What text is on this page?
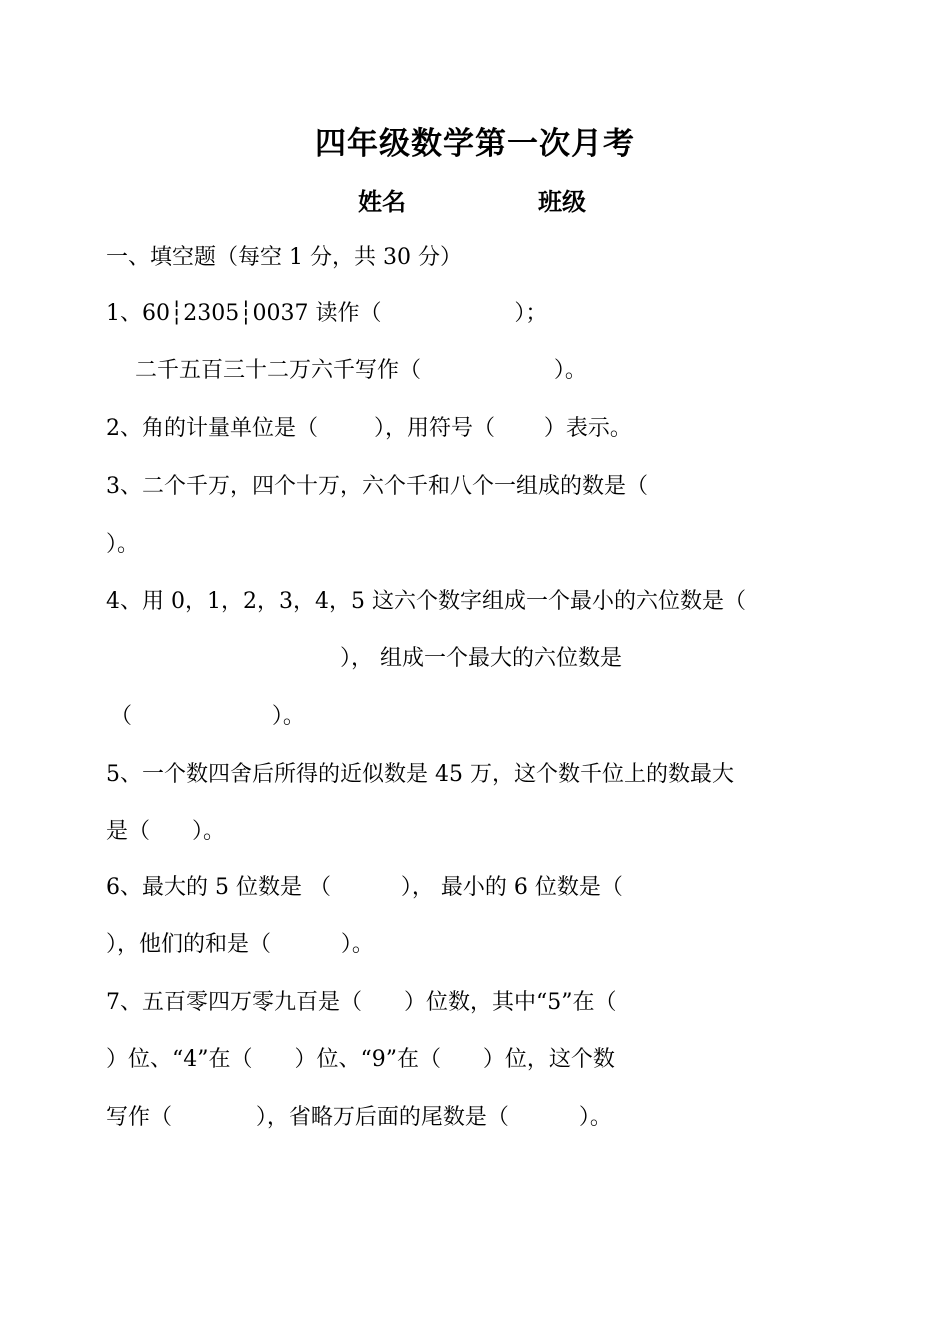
四年级数学第一次月考
姓名	班级
一、填空题（每空 1 分，共 30 分）
1、60┆2305┆0037 读作（                   ）；
二千五百三十二万六千写作（                   ）。
2、角的计量单位是（        ），用符号（       ）表示。
3、二个千万，四个十万，六个千和八个一组成的数是（
）。
4、用 0，1，2，3，4，5 这六个数字组成一个最小的六位数是（
）， 组成一个最大的六位数是
（                    ）。
5、一个数四舍后所得的近似数是 45 万，这个数千位上的数最大
是（      ）。
6、最大的 5 位数是 （          ）， 最小的 6 位数是（
），他们的和是（          ）。
7、五百零四万零九百是（      ）位数，其中“5”在（
）位、“4”在（      ）位、“9”在（      ）位，这个数
写作（            ），省略万后面的尾数是（          ）。
